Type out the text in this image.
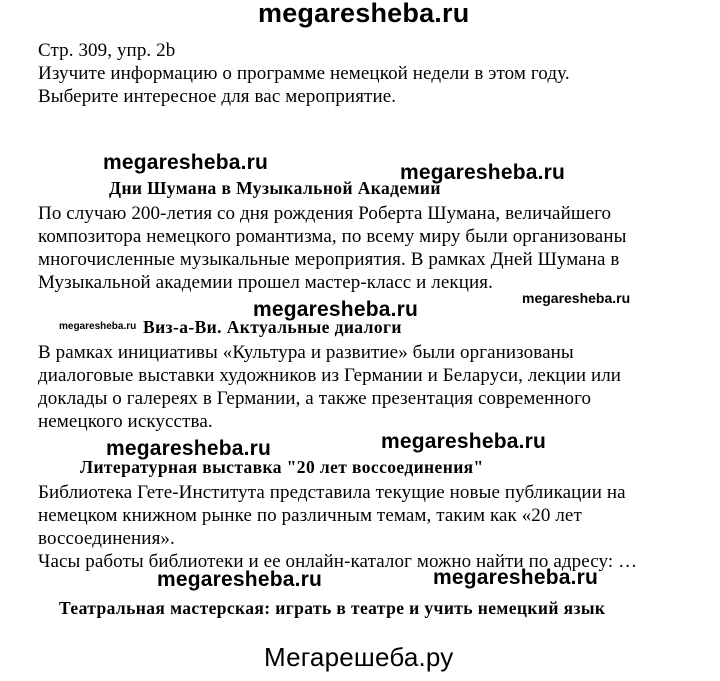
megaresheba.ru
Стр. 309, упр. 2b
Изучите информацию о программе немецкой недели в этом году.
Выберите интересное для вас мероприятие.
megaresheba.ru	megaresheba.ru
Дни Шумана в Музыкальной Академии
По случаю 200-летия со дня рождения Роберта Шумана, величайшего
композитора немецкого романтизма, по всему миру были организованы
многочисленные музыкальные мероприятия. В рамках Дней Шумана в
Музыкальной академии прошел мастер-класс и лекция.
megaresheba.ru
megaresheba.ru
megaresheba.ru Виз-а-Ви. Актуальные диалоги
В рамках инициативы «Культура и развитие» были организованы
диалоговые выставки художников из Германии и Беларуси, лекции или
доклады о галереях в Германии, а также презентация современного
немецкого искусства.
megaresheba.ru	megaresheba.ru
Литературная выставка "20 лет воссоединения"
Библиотека Гете-Института представила текущие новые публикации на
немецком книжном рынке по различным темам, таким как «20 лет
воссоединения».
Часы работы библиотеки и ее онлайн-каталог можно найти по адресу: …
megaresheba.ru	megaresheba.ru
Театральная мастерская: играть в театре и учить немецкий язык
Мегарешеба.ру
